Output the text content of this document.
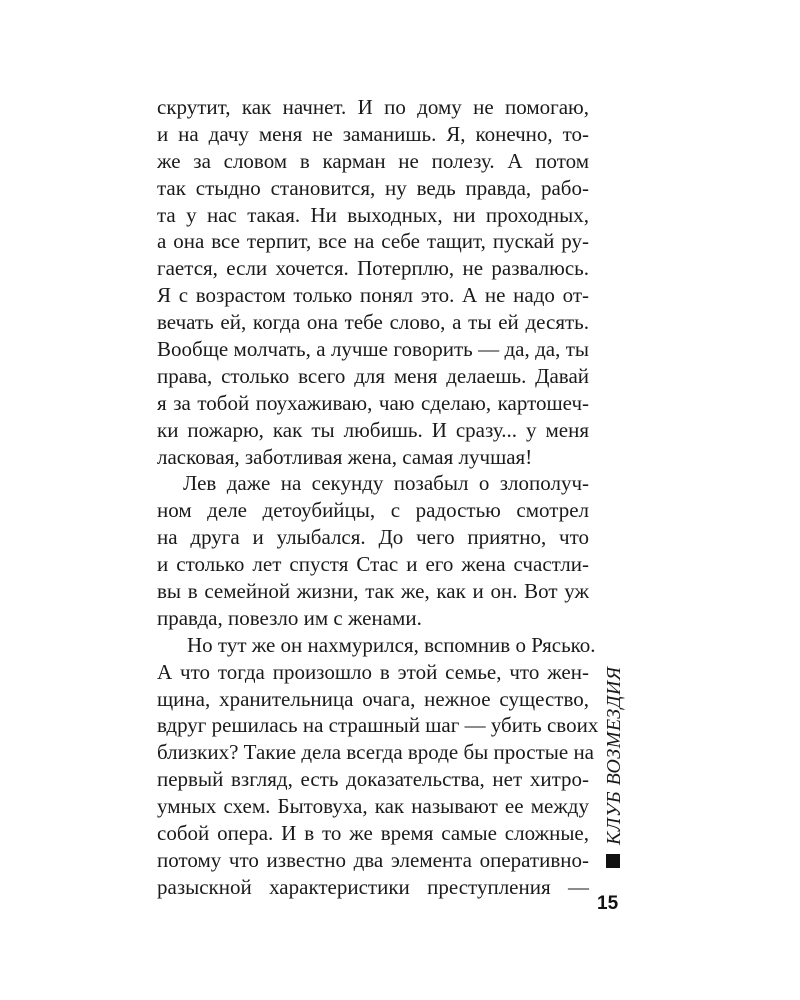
скрутит, как начнет. И по дому не помогаю,
и на дачу меня не заманишь. Я, конечно, то-
же за словом в карман не полезу. А потом
так стыдно становится, ну ведь правда, рабо-
та у нас такая. Ни выходных, ни проходных,
а она все терпит, все на себе тащит, пускай ру-
гается, если хочется. Потерплю, не развалюсь.
Я с возрастом только понял это. А не надо от-
вечать ей, когда она тебе слово, а ты ей десять.
Вообще молчать, а лучше говорить — да, да, ты
права, столько всего для меня делаешь. Давай
я за тобой поухаживаю, чаю сделаю, картошеч-
ки пожарю, как ты любишь. И сразу... у меня
ласковая, заботливая жена, самая лучшая!
Лев даже на секунду позабыл о злополуч-
ном деле детоубийцы, с радостью смотрел
на друга и улыбался. До чего приятно, что
и столько лет спустя Стас и его жена счастли-
вы в семейной жизни, так же, как и он. Вот уж
правда, повезло им с женами.
Но тут же он нахмурился, вспомнив о Рясько.
А что тогда произошло в этой семье, что жен-
щина, хранительница очага, нежное существо,
вдруг решилась на страшный шаг — убить своих
близких? Такие дела всегда вроде бы простые на
первый взгляд, есть доказательства, нет хитро-
умных схем. Бытовуха, как называют ее между
собой опера. И в то же время самые сложные,
потому что известно два элемента оперативно-
разыскной характеристики преступления —
КЛУБ ВОЗМЕЗДИЯ
15
